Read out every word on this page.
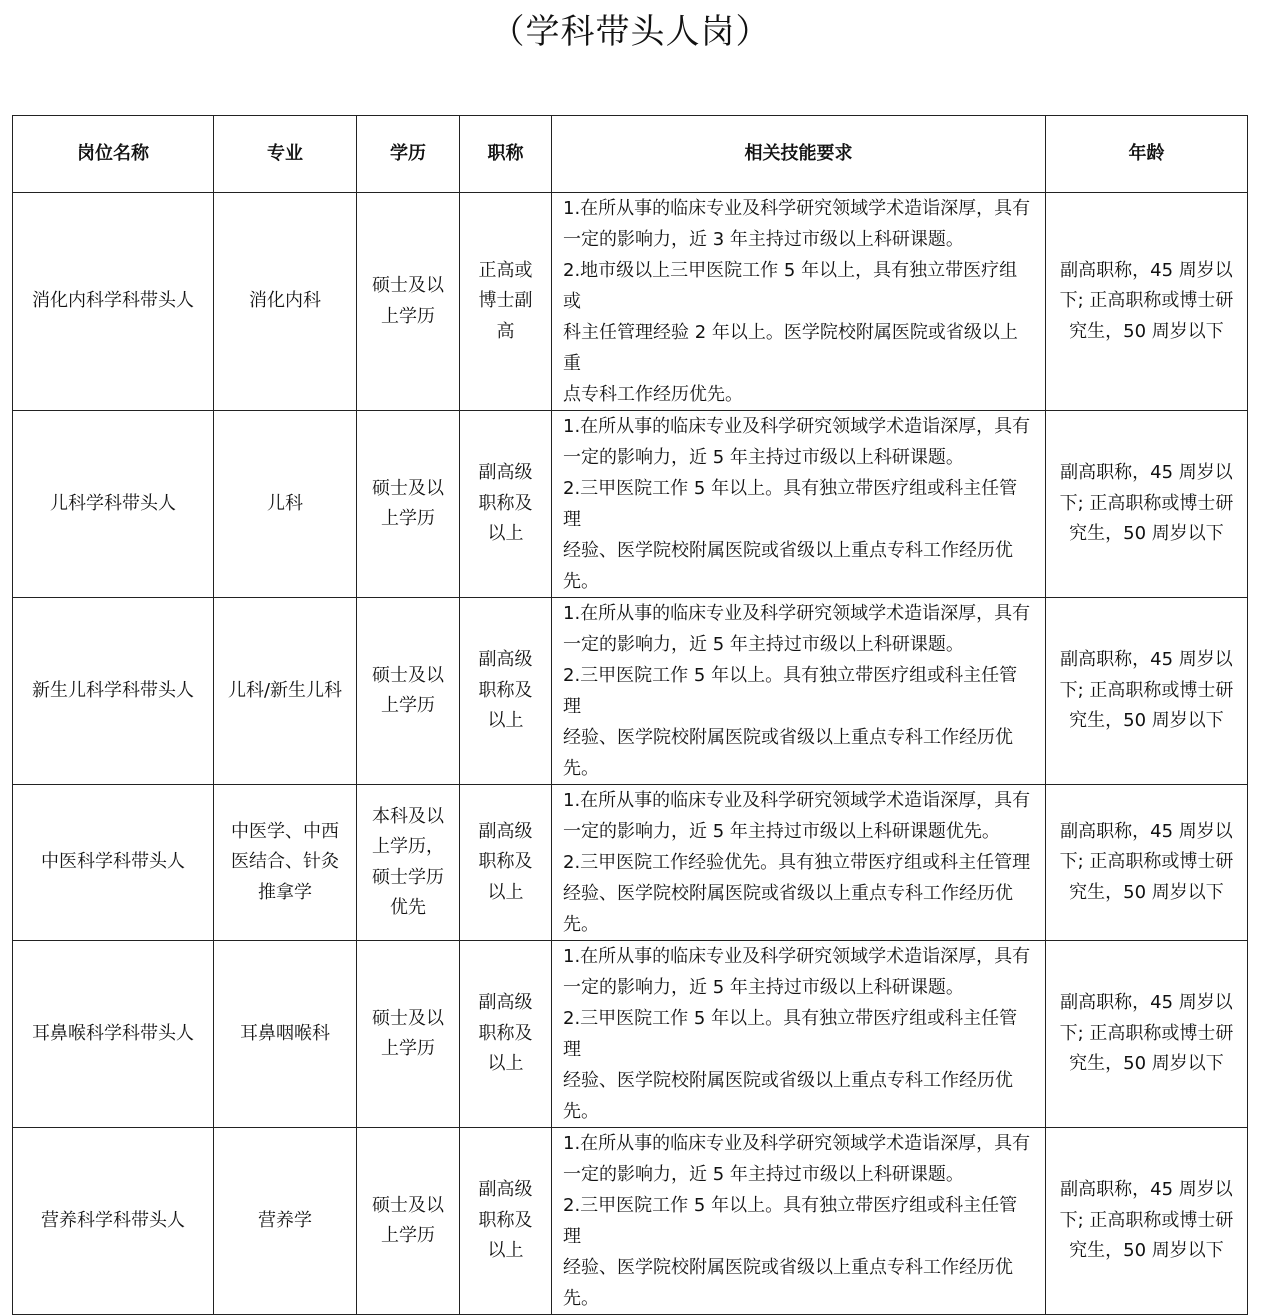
（学科带头人岗）
岗位名称	专业	学历	职称	相关技能要求	年龄
消化内科学科带头人	消化内科	硕士及以
上学历	正高或
博士副
高	1.在所从事的临床专业及科学研究领域学术造诣深厚，具有
一定的影响力，近 3 年主持过市级以上科研课题。
2.地市级以上三甲医院工作 5 年以上，具有独立带医疗组或
科主任管理经验 2 年以上。医学院校附属医院或省级以上重
点专科工作经历优先。	副高职称，45 周岁以
下; 正高职称或博士研
究生，50 周岁以下

儿科学科带头人	儿科	硕士及以
上学历	副高级
职称及
以上	1.在所从事的临床专业及科学研究领域学术造诣深厚，具有
一定的影响力，近 5 年主持过市级以上科研课题。
2.三甲医院工作 5 年以上。具有独立带医疗组或科主任管理
经验、医学院校附属医院或省级以上重点专科工作经历优先。	副高职称，45 周岁以
下; 正高职称或博士研
究生，50 周岁以下

新生儿科学科带头人	儿科/新生儿科	硕士及以
上学历	副高级
职称及
以上	1.在所从事的临床专业及科学研究领域学术造诣深厚，具有
一定的影响力，近 5 年主持过市级以上科研课题。
2.三甲医院工作 5 年以上。具有独立带医疗组或科主任管理
经验、医学院校附属医院或省级以上重点专科工作经历优先。	副高职称，45 周岁以
下; 正高职称或博士研
究生，50 周岁以下

中医科学科带头人	中医学、中西
医结合、针灸
推拿学	本科及以
上学历，
硕士学历
优先	副高级
职称及
以上	1.在所从事的临床专业及科学研究领域学术造诣深厚，具有
一定的影响力，近 5 年主持过市级以上科研课题优先。
2.三甲医院工作经验优先。具有独立带医疗组或科主任管理
经验、医学院校附属医院或省级以上重点专科工作经历优先。	副高职称，45 周岁以
下; 正高职称或博士研
究生，50 周岁以下

耳鼻喉科学科带头人	耳鼻咽喉科	硕士及以
上学历	副高级
职称及
以上	1.在所从事的临床专业及科学研究领域学术造诣深厚，具有
一定的影响力，近 5 年主持过市级以上科研课题。
2.三甲医院工作 5 年以上。具有独立带医疗组或科主任管理
经验、医学院校附属医院或省级以上重点专科工作经历优先。	副高职称，45 周岁以
下; 正高职称或博士研
究生，50 周岁以下

营养科学科带头人	营养学	硕士及以
上学历	副高级
职称及
以上	1.在所从事的临床专业及科学研究领域学术造诣深厚，具有
一定的影响力，近 5 年主持过市级以上科研课题。
2.三甲医院工作 5 年以上。具有独立带医疗组或科主任管理
经验、医学院校附属医院或省级以上重点专科工作经历优先。	副高职称，45 周岁以
下; 正高职称或博士研
究生，50 周岁以下
